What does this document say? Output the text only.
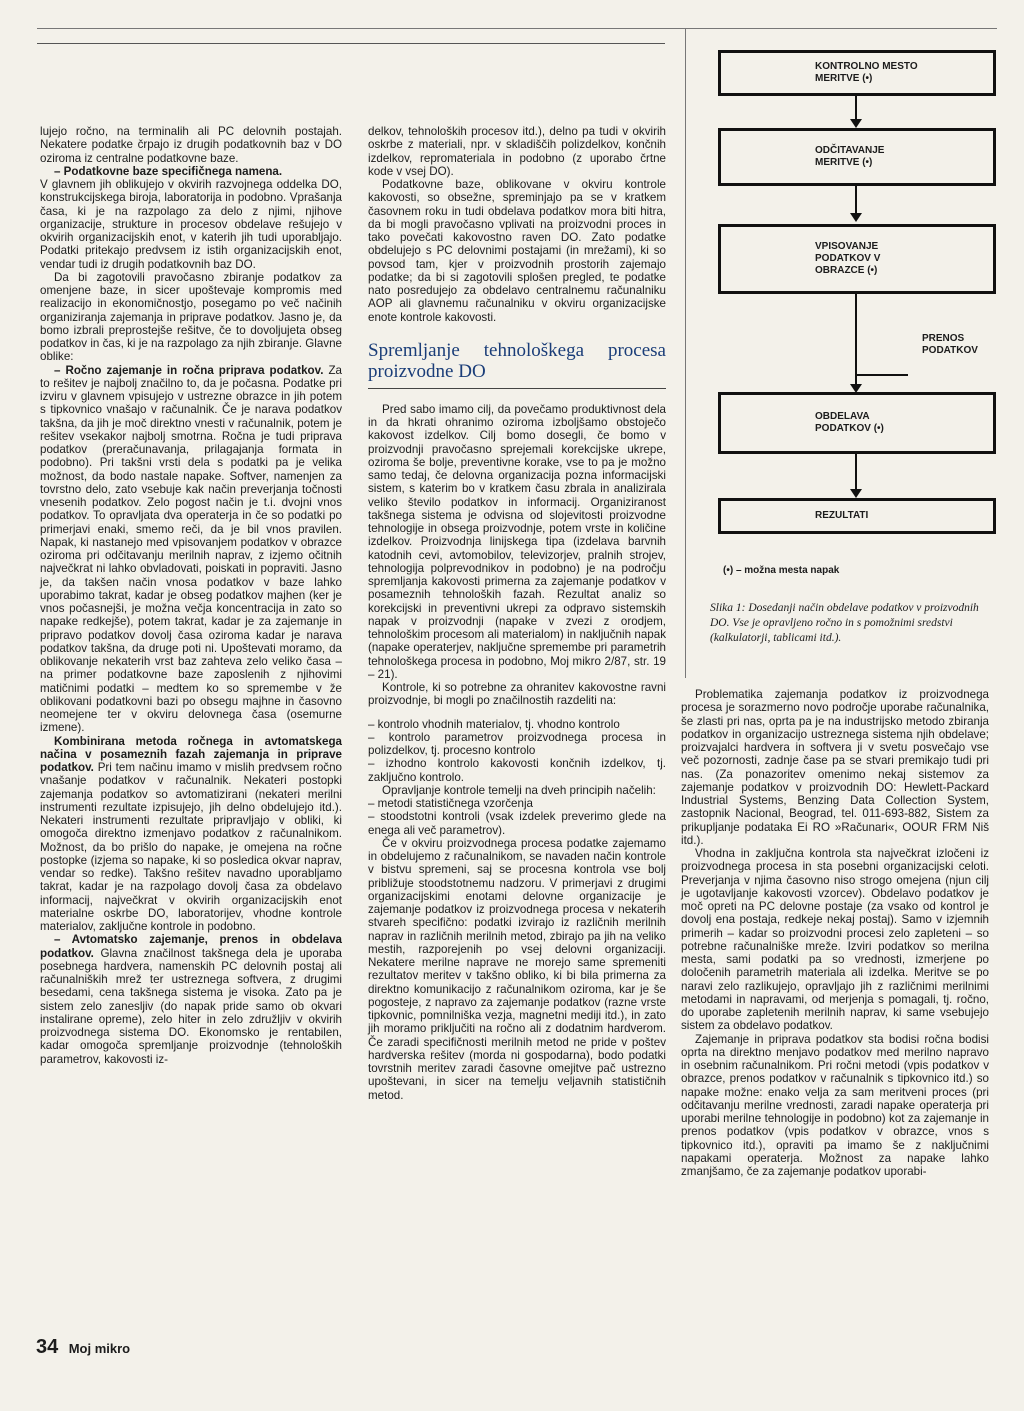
lujejo ročno, na terminalih ali PC delovnih postajah. Nekatere podatke črpajo iz drugih podatkovnih baz v DO oziroma iz centralne podatkovne baze.

– Podatkovne baze specifičnega namena.

V glavnem jih oblikujejo v okvirih razvojnega oddelka DO, konstrukcijskega biroja, laboratorija in podobno. Vprašanja časa, ki je na razpolago za delo z njimi, njihove organizacije, strukture in procesov obdelave rešujejo v okvirih organizacijskih enot, v katerih jih tudi uporabljajo. Podatki pritekajo predvsem iz istih organizacijskih enot, vendar tudi iz drugih podatkovnih baz DO.

Da bi zagotovili pravočasno zbiranje podatkov za omenjene baze, in sicer upoštevaje kompromis med realizacijo in ekonomičnostjo, posegamo po več načinih organiziranja zajemanja in priprave podatkov. Jasno je, da bomo izbrali preprostejše rešitve, če to dovoljujeta obseg podatkov in čas, ki je na razpolago za njih zbiranje. Glavne oblike:

– Ročno zajemanje in ročna priprava podatkov. Za to rešitev je najbolj značilno to, da je počasna. Podatke pri izviru v glavnem vpisujejo v ustrezne obrazce in jih potem s tipkovnico vnašajo v računalnik. Če je narava podatkov takšna, da jih je moč direktno vnesti v računalnik, potem je rešitev vsekakor najbolj smotrna. Ročna je tudi priprava podatkov (preračunavanja, prilagajanja formata in podobno). Pri takšni vrsti dela s podatki pa je velika možnost, da bodo nastale napake. Softver, namenjen za tovrstno delo, zato vsebuje kak način preverjanja točnosti vnesenih podatkov. Zelo pogost način je t.i. dvojni vnos podatkov. To opravljata dva operaterja in če so podatki po primerjavi enaki, smemo reči, da je bil vnos pravilen. Napak, ki nastanejo med vpisovanjem podatkov v obrazce oziroma pri odčitavanju merilnih naprav, z izjemo očitnih največkrat ni lahko obvladovati, poiskati in popraviti. Jasno je, da takšen način vnosa podatkov v baze lahko uporabimo takrat, kadar je obseg podatkov majhen (ker je vnos počasnejši, je možna večja koncentracija in zato so napake redkejše), potem takrat, kadar je za zajemanje in pripravo podatkov dovolj časa oziroma kadar je narava podatkov takšna, da druge poti ni. Upoštevati moramo, da oblikovanje nekaterih vrst baz zahteva zelo veliko časa – na primer podatkovne baze zaposlenih z njihovimi matičnimi podatki – medtem ko so spremembe v že oblikovani podatkovni bazi po obsegu majhne in časovno neomejene ter v okviru delovnega časa (osemurne izmene).

Kombinirana metoda ročnega in avtomatskega načina v posameznih fazah zajemanja in priprave podatkov. Pri tem načinu imamo v mislih predvsem ročno vnašanje podatkov v računalnik. Nekateri postopki zajemanja podatkov so avtomatizirani (nekateri merilni instrumenti rezultate izpisujejo, jih delno obdelujejo itd.). Nekateri instrumenti rezultate pripravljajo v obliki, ki omogoča direktno izmenjavo podatkov z računalnikom. Možnost, da bo prišlo do napake, je omejena na ročne postopke (izjema so napake, ki so posledica okvar naprav, vendar so redke). Takšno rešitev navadno uporabljamo takrat, kadar je na razpolago dovolj časa za obdelavo informacij, največkrat v okvirih organizacijskih enot materialne oskrbe DO, laboratorijev, vhodne kontrole materialov, zaključne kontrole in podobno.

– Avtomatsko zajemanje, prenos in obdelava podatkov. Glavna značilnost takšnega dela je uporaba posebnega hardvera, namenskih PC delovnih postaj ali računalniških mrež ter ustreznega softvera, z drugimi besedami, cena takšnega sistema je visoka. Zato pa je sistem zelo zanesljiv (do napak pride samo ob okvari instalirane opreme), zelo hiter in zelo združljiv v okvirih proizvodnega sistema DO. Ekonomsko je rentabilen, kadar omogoča spremljanje proizvodnje (tehnoloških parametrov, kakovosti iz-

delkov, tehnoloških procesov itd.), delno pa tudi v okvirih oskrbe z materiali, npr. v skladiščih polizdelkov, končnih izdelkov, repromateriala in podobno (z uporabo črtne kode v vsej DO).

Podatkovne baze, oblikovane v okviru kontrole kakovosti, so obsežne, spreminjajo pa se v kratkem časovnem roku in tudi obdelava podatkov mora biti hitra, da bi mogli pravočasno vplivati na proizvodni proces in tako povečati kakovostno raven DO. Zato podatke obdelujejo s PC delovnimi postajami (in mrežami), ki so povsod tam, kjer v proizvodnih prostorih zajemajo podatke; da bi si zagotovili splošen pregled, te podatke nato posredujejo za obdelavo centralnemu računalniku AOP ali glavnemu računalniku v okviru organizacijske enote kontrole kakovosti.

Spremljanje tehnološkega procesa proizvodne DO

Pred sabo imamo cilj, da povečamo produktivnost dela in da hkrati ohranimo oziroma izboljšamo obstoječo kakovost izdelkov. Cilj bomo dosegli, če bomo v proizvodnji pravočasno sprejemali korekcijske ukrepe, oziroma še bolje, preventivne korake, vse to pa je možno samo tedaj, če delovna organizacija pozna informacijski sistem, s katerim bo v kratkem času zbrala in analizirala veliko število podatkov in informacij. Organiziranost takšnega sistema je odvisna od slojevitosti proizvodne tehnologije in obsega proizvodnje, potem vrste in količine izdelkov. Proizvodnja linijskega tipa (izdelava barvnih katodnih cevi, avtomobilov, televizorjev, pralnih strojev, tehnologija polprevodnikov in podobno) je na področju spremljanja kakovosti primerna za zajemanje podatkov v posameznih tehnoloških fazah. Rezultat analiz so korekcijski in preventivni ukrepi za odpravo sistemskih napak v proizvodnji (napake v zvezi z orodjem, tehnološkim procesom ali materialom) in naključnih napak (napake operaterjev, naključne spremembe pri parametrih tehnološkega procesa in podobno, Moj mikro 2/87, str. 19 – 21).

Kontrole, ki so potrebne za ohranitev kakovostne ravni proizvodnje, bi mogli po značilnostih razdeliti na:

– kontrolo vhodnih materialov, tj. vhodno kontrolo

– kontrolo parametrov proizvodnega procesa in polizdelkov, tj. procesno kontrolo

– izhodno kontrolo kakovosti končnih izdelkov, tj. zaključno kontrolo.

Opravljanje kontrole temelji na dveh principih načelih:

– metodi statističnega vzorčenja

– stoodstotni kontroli (vsak izdelek preverimo glede na enega ali več parametrov).

Če v okviru proizvodnega procesa podatke zajemamo in obdelujemo z računalnikom, se navaden način kontrole v bistvu spremeni, saj se procesna kontrola vse bolj približuje stoodstotnemu nadzoru. V primerjavi z drugimi organizacijskimi enotami delovne organizacije je zajemanje podatkov iz proizvodnega procesa v nekaterih stvareh specifično: podatki izvirajo iz različnih merilnih naprav in različnih merilnih metod, zbirajo pa jih na veliko mestih, razporejenih po vsej delovni organizaciji. Nekatere merilne naprave ne morejo same spremeniti rezultatov meritev v takšno obliko, ki bi bila primerna za direktno komunikacijo z računalnikom oziroma, kar je še pogosteje, z napravo za zajemanje podatkov (razne vrste tipkovnic, pomnilniška vezja, magnetni mediji itd.), in zato jih moramo priključiti na ročno ali z dodatnim hardverom. Če zaradi specifičnosti merilnih metod ne pride v poštev hardverska rešitev (morda ni gospodarna), bodo podatki tovrstnih meritev zaradi časovne omejitve pač ustrezno upoštevani, in sicer na temelju veljavnih statističnih metod.

Problematika zajemanja podatkov iz proizvodnega procesa je sorazmerno novo področje uporabe računalnika, še zlasti pri nas, oprta pa je na industrijsko metodo zbiranja podatkov in organizacijo ustreznega sistema njih obdelave; proizvajalci hardvera in softvera ji v svetu posvečajo vse več pozornosti, zadnje čase pa se stvari premikajo tudi pri nas. (Za ponazoritev omenimo nekaj sistemov za zajemanje podatkov v proizvodnih DO: Hewlett-Packard Industrial Systems, Benzing Data Collection System, zastopnik Nacional, Beograd, tel. 011-693-882, Sistem za prikupljanje podataka Ei RO »Računari«, OOUR FRM Niš itd.).

Vhodna in zaključna kontrola sta največkrat izločeni iz proizvodnega procesa in sta posebni organizacijski celoti. Preverjanja v njima časovno niso strogo omejena (njun cilj je ugotavljanje kakovosti vzorcev). Obdelavo podatkov je moč opreti na PC delovne postaje (za vsako od kontrol je dovolj ena postaja, redkeje nekaj postaj). Samo v izjemnih primerih – kadar so proizvodni procesi zelo zapleteni – so potrebne računalniške mreže. Izviri podatkov so merilna mesta, sami podatki pa so vrednosti, izmerjene po določenih parametrih materiala ali izdelka. Meritve se po naravi zelo razlikujejo, opravljajo jih z različnimi merilnimi metodami in napravami, od merjenja s pomagali, tj. ročno, do uporabe zapletenih merilnih naprav, ki same vsebujejo sistem za obdelavo podatkov.

Zajemanje in priprava podatkov sta bodisi ročna bodisi oprta na direktno menjavo podatkov med merilno napravo in osebnim računalnikom. Pri ročni metodi (vpis podatkov v obrazce, prenos podatkov v računalnik s tipkovnico itd.) so napake možne: enako velja za sam meritveni proces (pri odčitavanju merilne vrednosti, zaradi napake operaterja pri uporabi merilne tehnologije in podobno) kot za zajemanje in prenos podatkov (vpis podatkov v obrazce, vnos s tipkovnico itd.), opraviti pa imamo še z naključnimi napakami operaterja. Možnost za napake lahko zmanjšamo, če za zajemanje podatkov uporabi-

KONTROLNO MESTO
MERITVE (•)
ODČITAVANJE
MERITVE (•)
VPISOVANJE
PODATKOV V
OBRAZCE (•)
PRENOS
PODATKOV
OBDELAVA
PODATKOV (•)
REZULTATI
(•) – možna mesta napak
Slika 1: Dosedanji način obdelave podatkov v proizvodnih DO. Vse je opravljeno ročno in s pomožnimi sredstvi (kalkulatorji, tablicami itd.).
34 Moj mikro
